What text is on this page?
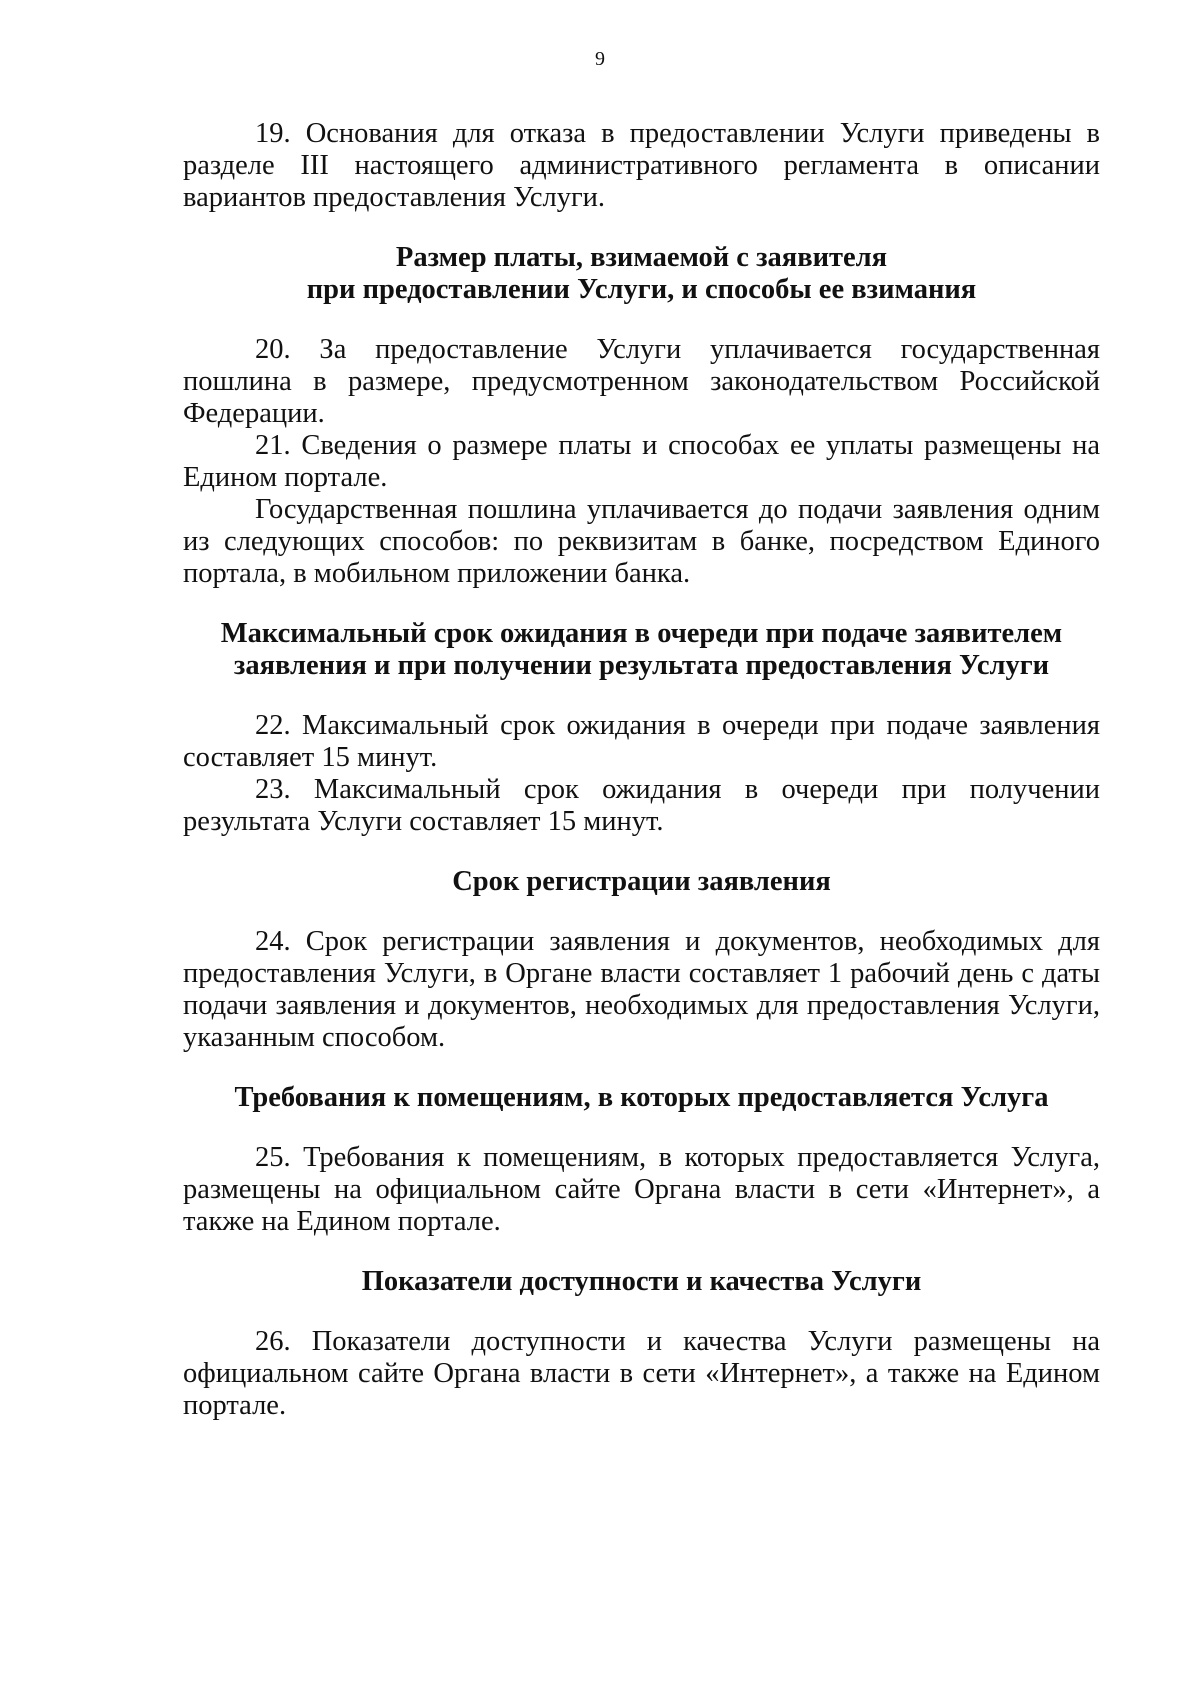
9

19. Основания для отказа в предоставлении Услуги приведены в разделе III настоящего административного регламента в описании вариантов предоставления Услуги.

Размер платы, взимаемой с заявителя

при предоставлении Услуги, и способы ее взимания

20. За предоставление Услуги уплачивается государственная пошлина в размере, предусмотренном законодательством Российской Федерации.

21. Сведения о размере платы и способах ее уплаты размещены на Едином портале.

Государственная пошлина уплачивается до подачи заявления одним из следующих способов: по реквизитам в банке, посредством Единого портала, в мобильном приложении банка.

Максимальный срок ожидания в очереди при подаче заявителем

заявления и при получении результата предоставления Услуги

22. Максимальный срок ожидания в очереди при подаче заявления составляет 15 минут.

23. Максимальный срок ожидания в очереди при получении результата Услуги составляет 15 минут.

Срок регистрации заявления

24. Срок регистрации заявления и документов, необходимых для предоставления Услуги, в Органе власти составляет 1 рабочий день с даты подачи заявления и документов, необходимых для предоставления Услуги, указанным способом.

Требования к помещениям, в которых предоставляется Услуга

25. Требования к помещениям, в которых предоставляется Услуга, размещены на официальном сайте Органа власти в сети «Интернет», а также на Едином портале.

Показатели доступности и качества Услуги

26. Показатели доступности и качества Услуги размещены на официальном сайте Органа власти в сети «Интернет», а также на Едином портале.
